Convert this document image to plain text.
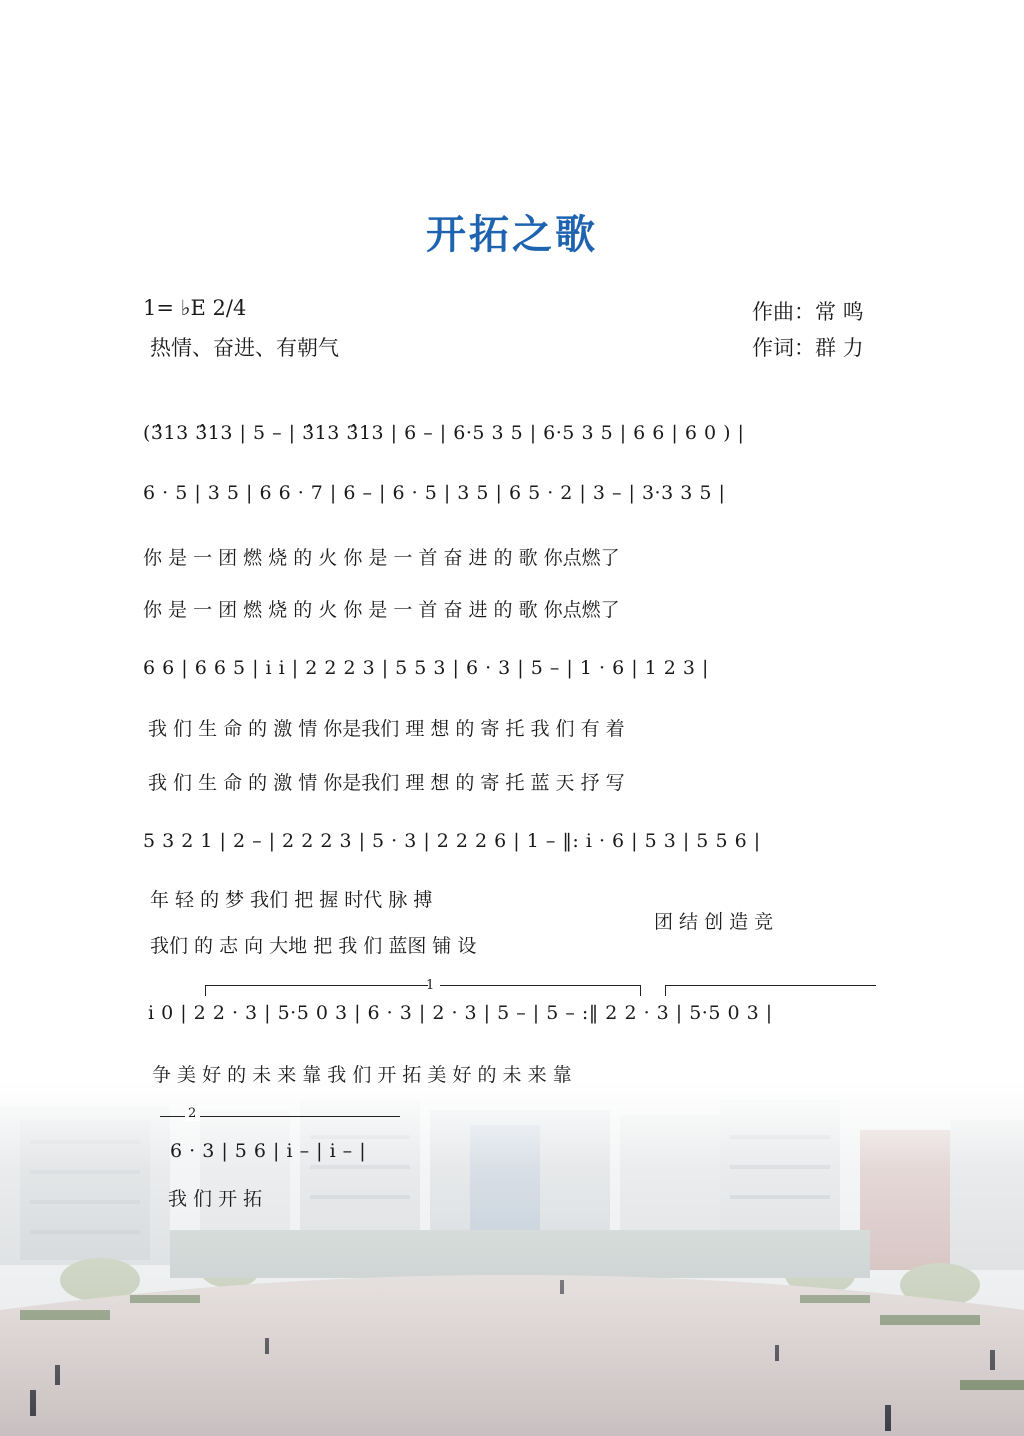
开拓之歌
1= ♭E 2/4
热情、奋进、有朝气
作曲：常 鸣
作词：群 力
(3̂13 3̂13 | 5 – | 3̂13 3̂13 | 6 – | 6·5 3 5 | 6·5 3 5 | 6 6 | 6 0 ) |
6 · 5 | 3 5 | 6 6 · 7 | 6 – | 6 · 5 | 3 5 | 6 5 · 2 | 3 – | 3·3 3 5 |
你 是 一 团 燃 烧 的 火 你 是 一 首 奋 进 的 歌 你点燃了
你 是 一 团 燃 烧 的 火 你 是 一 首 奋 进 的 歌 你点燃了
6 6 | 6 6 5 | i i | 2 2 2 3 | 5 5 3 | 6 · 3 | 5 – | 1 · 6 | 1 2 3 |
我 们 生 命 的 激 情 你是我们 理 想 的 寄 托 我 们 有 着
我 们 生 命 的 激 情 你是我们 理 想 的 寄 托 蓝 天 抒 写
5 3 2 1 | 2 – | 2 2 2 3 | 5 · 3 | 2 2 2 6 | 1 – ‖: i · 6 | 5 3 | 5 5 6 |
年 轻 的 梦 我们 把 握 时代 脉 搏
我们 的 志 向 大地 把 我 们 蓝图 铺 设
团 结 创 造 竞
1
i 0 | 2 2 · 3 | 5·5 0 3 | 6 · 3 | 2 · 3 | 5 – | 5 – :‖ 2 2 · 3 | 5·5 0 3 |
争 美 好 的 未 来 靠 我 们 开 拓 美 好 的 未 来 靠
2
6 · 3 | 5 6 | i – | i – |
我 们 开 拓
